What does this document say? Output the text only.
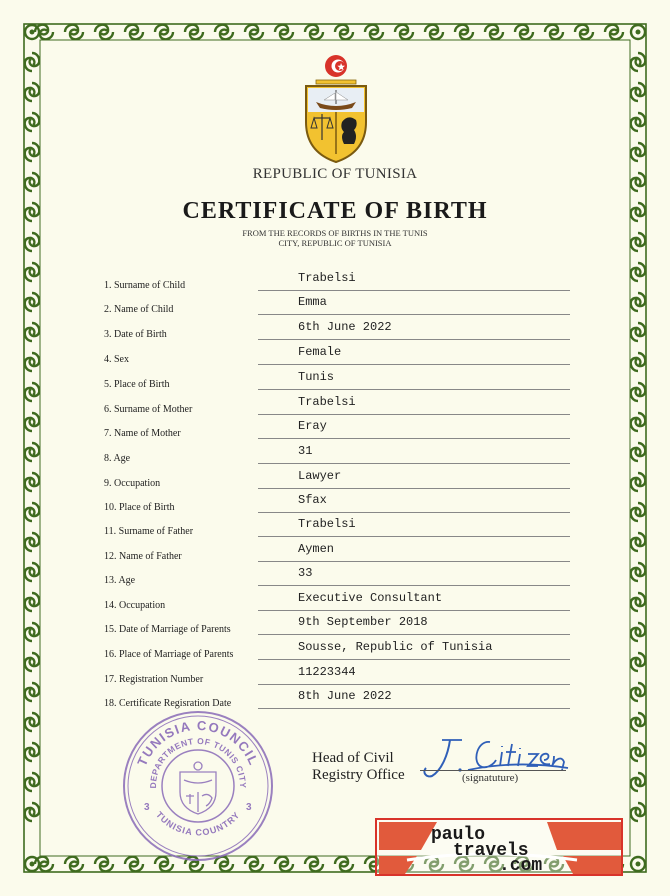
REPUBLIC OF TUNISIA
CERTIFICATE OF BIRTH
FROM THE RECORDS OF BIRTHS IN THE TUNIS
CITY, REPUBLIC OF TUNISIA
1. Surname of Child
Trabelsi
2. Name of Child
Emma
3. Date of Birth
6th June 2022
4. Sex
Female
5. Place of Birth
Tunis
6. Surname of Mother
Trabelsi
7. Name of Mother
Eray
8. Age
31
9. Occupation
Lawyer
10. Place of Birth
Sfax
11. Surname of Father
Trabelsi
12. Name of Father
Aymen
13. Age
33
14. Occupation
Executive Consultant
15. Date of Marriage of Parents
9th September 2018
16. Place of Marriage of Parents
Sousse, Republic of Tunisia
17. Registration Number
11223344
18. Certificate Regisration Date
8th June 2022
TUNISIA COUNCIL
DEPARTMENT OF TUNIS CITY
TUNISIA COUNTRY
3	3
Head of Civil
Registry Office	(signatuture)
paulo
travels
.com
